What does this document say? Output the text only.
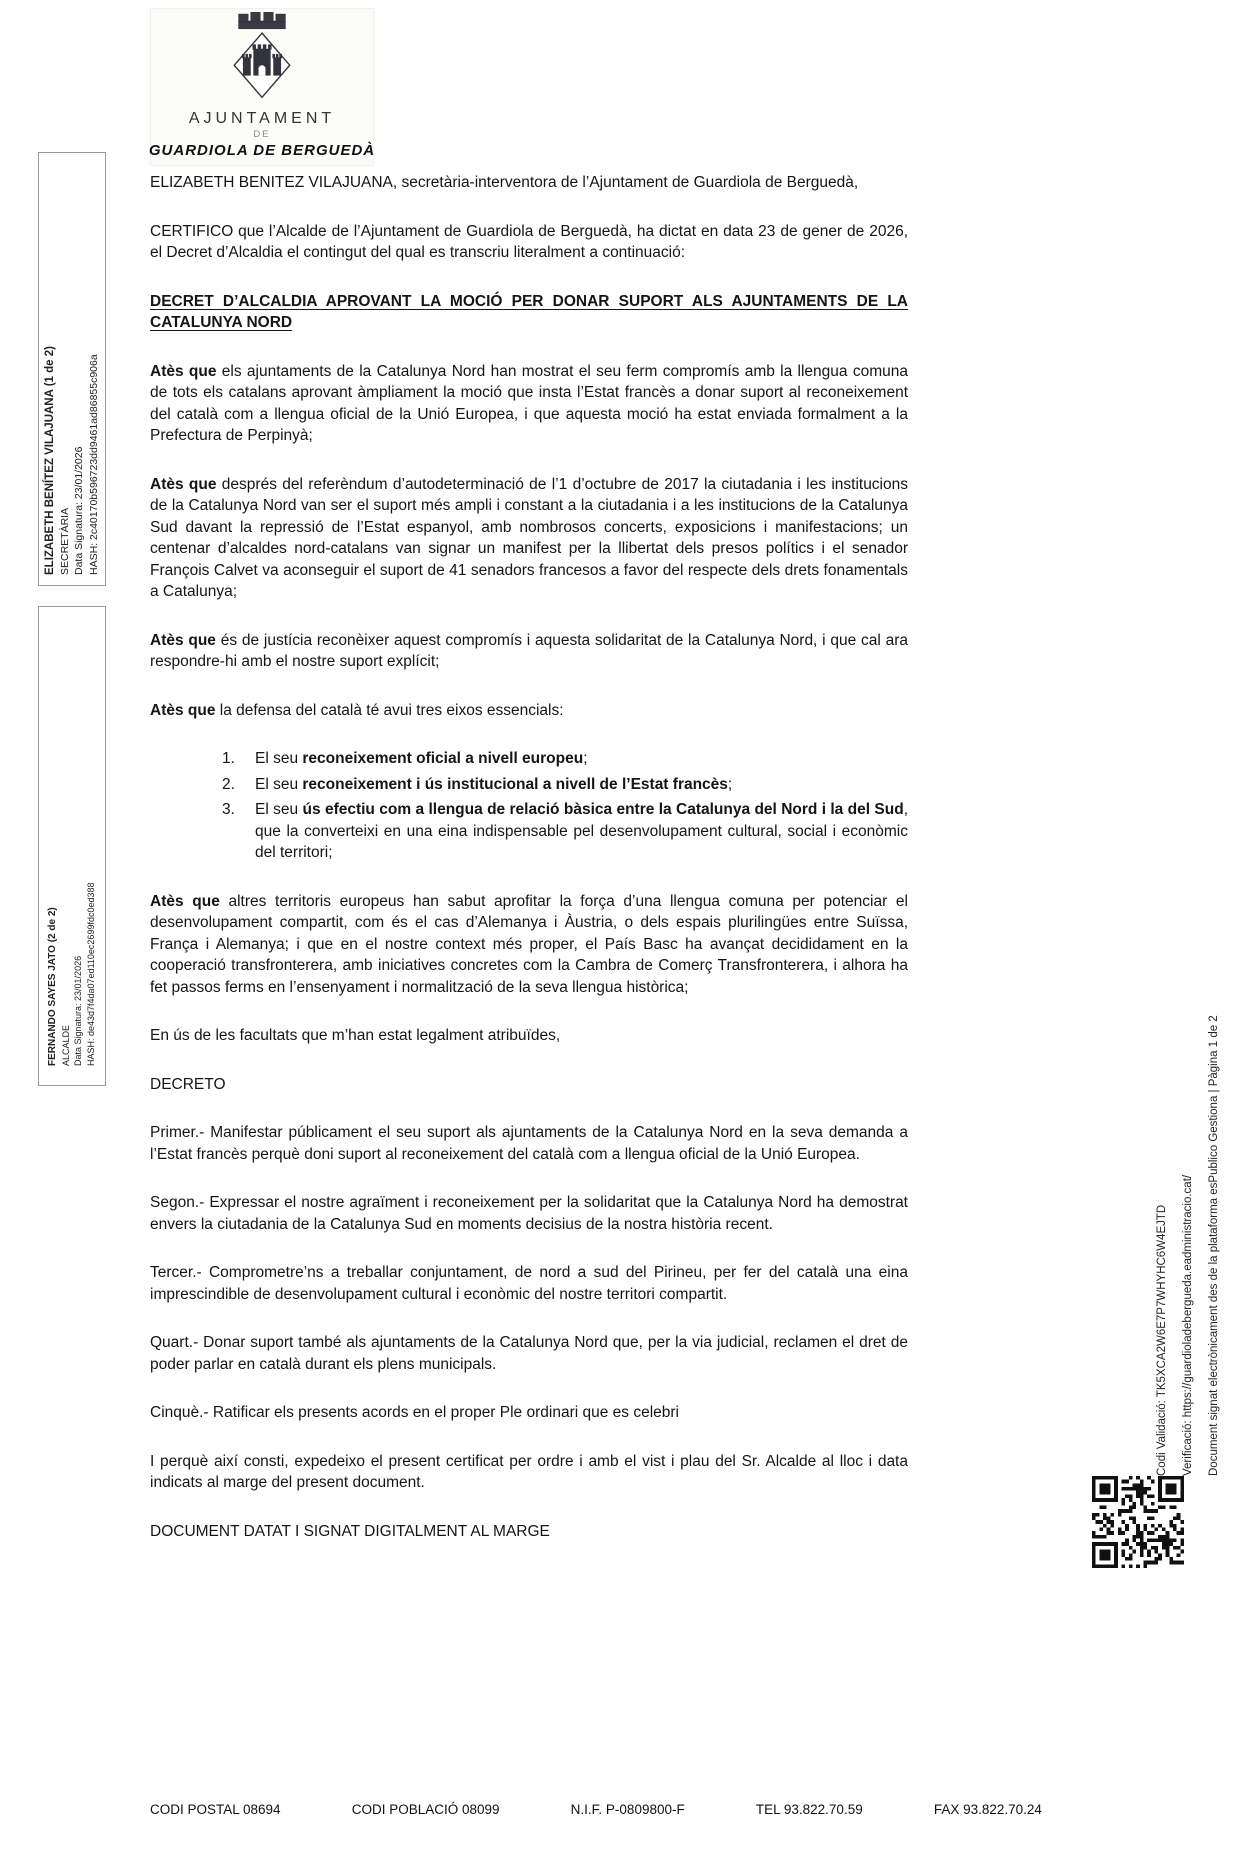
AJUNTAMENT
DE
GUARDIOLA DE BERGUEDÀ
ELIZABETH BENÍTEZ VILAJUANA (1 de 2) SECRETÀRIA Data Signatura: 23/01/2026 HASH: 2c40170b596723dd9461ad86855c906a
FERNANDO SAYES JATO (2 de 2) ALCALDE Data Signatura: 23/01/2026 HASH: de43d7f4da07ed110ec2699fdc0ed388

ELIZABETH BENITEZ VILAJUANA, secretària-interventora de l’Ajuntament de Guardiola de Berguedà,

CERTIFICO que l’Alcalde de l’Ajuntament de Guardiola de Berguedà, ha dictat en data 23 de gener de 2026, el Decret d’Alcaldia el contingut del qual es transcriu literalment a continuació:

DECRET D’ALCALDIA APROVANT LA MOCIÓ PER DONAR SUPORT ALS AJUNTAMENTS DE LA CATALUNYA NORD

Atès que els ajuntaments de la Catalunya Nord han mostrat el seu ferm compromís amb la llengua comuna de tots els catalans aprovant àmpliament la moció que insta l’Estat francès a donar suport al reconeixement del català com a llengua oficial de la Unió Europea, i que aquesta moció ha estat enviada formalment a la Prefectura de Perpinyà;

Atès que després del referèndum d’autodeterminació de l’1 d’octubre de 2017 la ciutadania i les institucions de la Catalunya Nord van ser el suport més ampli i constant a la ciutadania i a les institucions de la Catalunya Sud davant la repressió de l’Estat espanyol, amb nombrosos concerts, exposicions i manifestacions; un centenar d’alcaldes nord-catalans van signar un manifest per la llibertat dels presos polítics i el senador François Calvet va aconseguir el suport de 41 senadors francesos a favor del respecte dels drets fonamentals a Catalunya;

Atès que és de justícia reconèixer aquest compromís i aquesta solidaritat de la Catalunya Nord, i que cal ara respondre-hi amb el nostre suport explícit;

Atès que la defensa del català té avui tres eixos essencials:

1.	El seu reconeixement oficial a nivell europeu;
2.	El seu reconeixement i ús institucional a nivell de l’Estat francès;
3.	El seu ús efectiu com a llengua de relació bàsica entre la Catalunya del Nord i la del Sud, que la converteixi en una eina indispensable pel desenvolupament cultural, social i econòmic del territori;

Atès que altres territoris europeus han sabut aprofitar la força d’una llengua comuna per potenciar el desenvolupament compartit, com és el cas d’Alemanya i Àustria, o dels espais plurilingües entre Suïssa, França i Alemanya; i que en el nostre context més proper, el País Basc ha avançat decididament en la cooperació transfronterera, amb iniciatives concretes com la Cambra de Comerç Transfronterera, i alhora ha fet passos ferms en l’ensenyament i normalització de la seva llengua històrica;

En ús de les facultats que m’han estat legalment atribuïdes,

DECRETO

Primer.- Manifestar públicament el seu suport als ajuntaments de la Catalunya Nord en la seva demanda a l’Estat francès perquè doni suport al reconeixement del català com a llengua oficial de la Unió Europea.

Segon.- Expressar el nostre agraïment i reconeixement per la solidaritat que la Catalunya Nord ha demostrat envers la ciutadania de la Catalunya Sud en moments decisius de la nostra història recent.

Tercer.- Comprometre’ns a treballar conjuntament, de nord a sud del Pirineu, per fer del català una eina imprescindible de desenvolupament cultural i econòmic del nostre territori compartit.

Quart.- Donar suport també als ajuntaments de la Catalunya Nord que, per la via judicial, reclamen el dret de poder parlar en català durant els plens municipals.

Cinquè.- Ratificar els presents acords en el proper Ple ordinari que es celebri

I perquè així consti, expedeixo el present certificat per ordre i amb el vist i plau del Sr. Alcalde al lloc i data indicats al marge del present document.

DOCUMENT DATAT I SIGNAT DIGITALMENT AL MARGE

Codi Validació: TK5XCA2W6E7P7WHYHC6W4EJTD	Verificació: https://guardioladebergueda.eadministracio.cat/	Document signat electrònicament des de la plataforma esPublico Gestiona | Pàgina 1 de 2
CODI POSTAL 08694	CODI POBLACIÓ 08099	N.I.F. P-0809800-F	TEL 93.822.70.59	FAX 93.822.70.24
